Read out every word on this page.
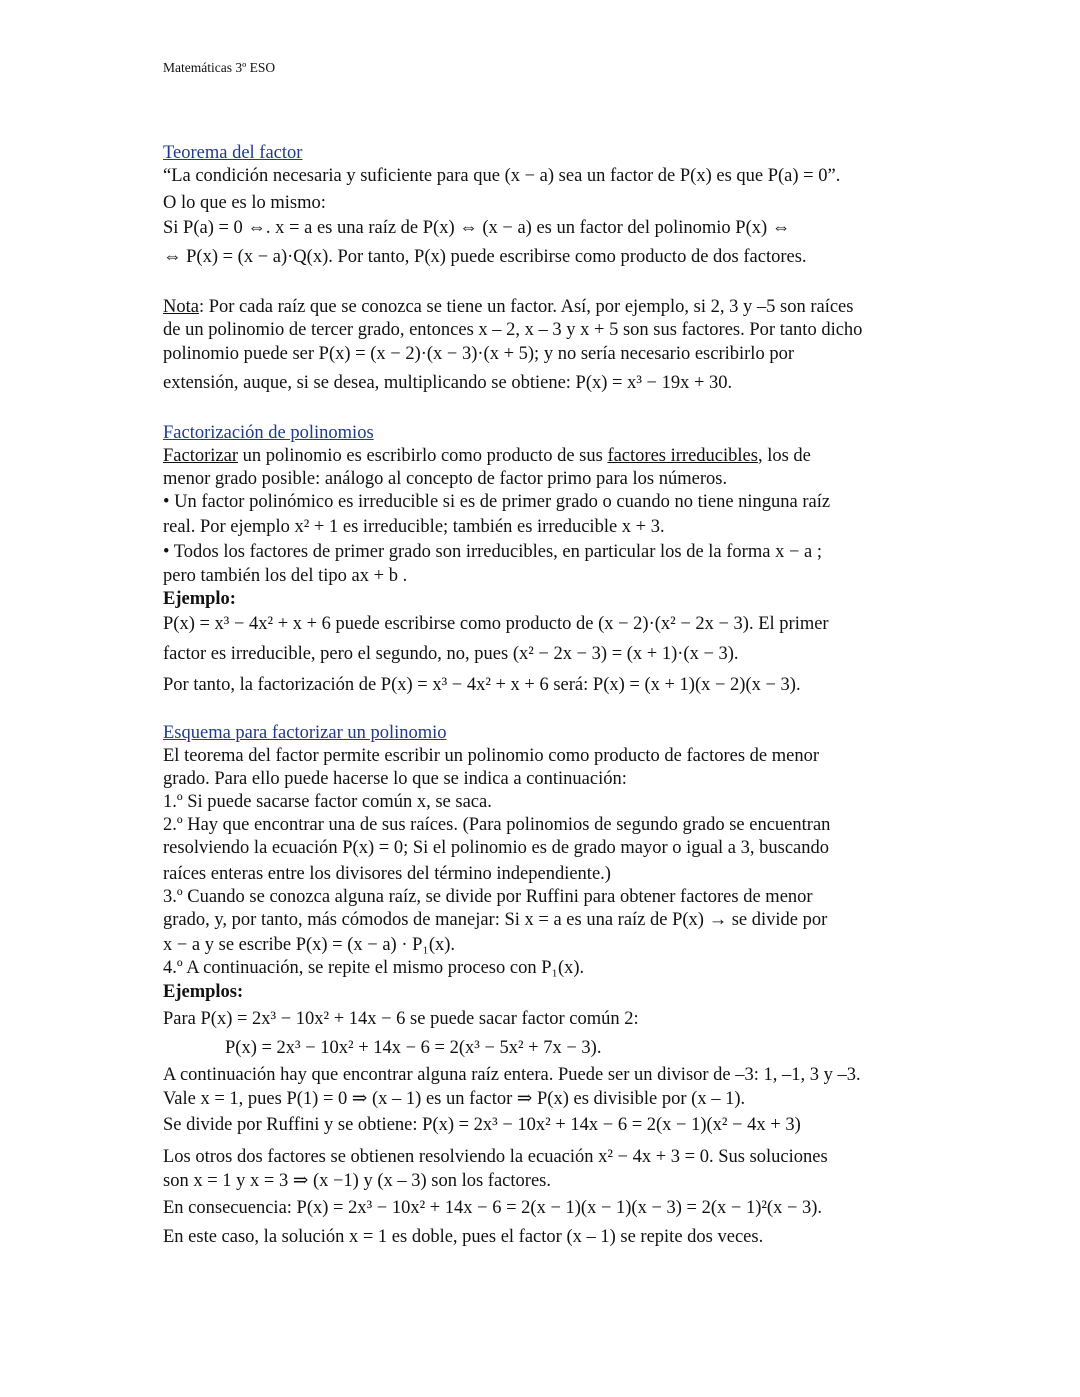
Matemáticas 3º ESO
Teorema del factor
“La condición necesaria y suficiente para que (x − a) sea un factor de P(x) es que P(a) = 0”.
O lo que es lo mismo:
Si P(a) = 0 ⇔. x = a es una raíz de P(x) ⇔ (x − a) es un factor del polinomio P(x) ⇔
⇔ P(x) = (x − a)·Q(x). Por tanto, P(x) puede escribirse como producto de dos factores.
Nota: Por cada raíz que se conozca se tiene un factor. Así, por ejemplo, si 2, 3 y –5 son raíces
de un polinomio de tercer grado, entonces x – 2, x – 3 y x + 5 son sus factores. Por tanto dicho
polinomio puede ser P(x) = (x − 2)·(x − 3)·(x + 5); y no sería necesario escribirlo por
extensión, auque, si se desea, multiplicando se obtiene: P(x) = x³ − 19x + 30.
Factorización de polinomios
Factorizar un polinomio es escribirlo como producto de sus factores irreducibles, los de
menor grado posible: análogo al concepto de factor primo para los números.
• Un factor polinómico es irreducible si es de primer grado o cuando no tiene ninguna raíz
real. Por ejemplo x² + 1 es irreducible; también es irreducible x + 3.
• Todos los factores de primer grado son irreducibles, en particular los de la forma x − a ;
pero también los del tipo ax + b .
Ejemplo:
P(x) = x³ − 4x² + x + 6 puede escribirse como producto de (x − 2)·(x² − 2x − 3). El primer
factor es irreducible, pero el segundo, no, pues (x² − 2x − 3) = (x + 1)·(x − 3).
Por tanto, la factorización de P(x) = x³ − 4x² + x + 6 será: P(x) = (x + 1)(x − 2)(x − 3).
Esquema para factorizar un polinomio
El teorema del factor permite escribir un polinomio como producto de factores de menor
grado. Para ello puede hacerse lo que se indica a continuación:
1.º Si puede sacarse factor común x, se saca.
2.º Hay que encontrar una de sus raíces. (Para polinomios de segundo grado se encuentran
resolviendo la ecuación P(x) = 0; Si el polinomio es de grado mayor o igual a 3, buscando
raíces enteras entre los divisores del término independiente.)
3.º Cuando se conozca alguna raíz, se divide por Ruffini para obtener factores de menor
grado, y, por tanto, más cómodos de manejar: Si x = a es una raíz de P(x) → se divide por
x − a y se escribe P(x) = (x − a) · P₁(x).
4.º A continuación, se repite el mismo proceso con P₁(x).
Ejemplos:
Para P(x) = 2x³ − 10x² + 14x − 6 se puede sacar factor común 2:
P(x) = 2x³ − 10x² + 14x − 6 = 2(x³ − 5x² + 7x − 3).
A continuación hay que encontrar alguna raíz entera. Puede ser un divisor de –3: 1, –1, 3 y –3.
Vale x = 1, pues P(1) = 0 ⇒ (x – 1) es un factor ⇒ P(x) es divisible por (x – 1).
Se divide por Ruffini y se obtiene: P(x) = 2x³ − 10x² + 14x − 6 = 2(x − 1)(x² − 4x + 3)
Los otros dos factores se obtienen resolviendo la ecuación x² − 4x + 3 = 0. Sus soluciones
son x = 1 y x = 3 ⇒ (x −1) y (x – 3) son los factores.
En consecuencia: P(x) = 2x³ − 10x² + 14x − 6 = 2(x − 1)(x − 1)(x − 3) = 2(x − 1)²(x − 3).
En este caso, la solución x = 1 es doble, pues el factor (x – 1) se repite dos veces.
